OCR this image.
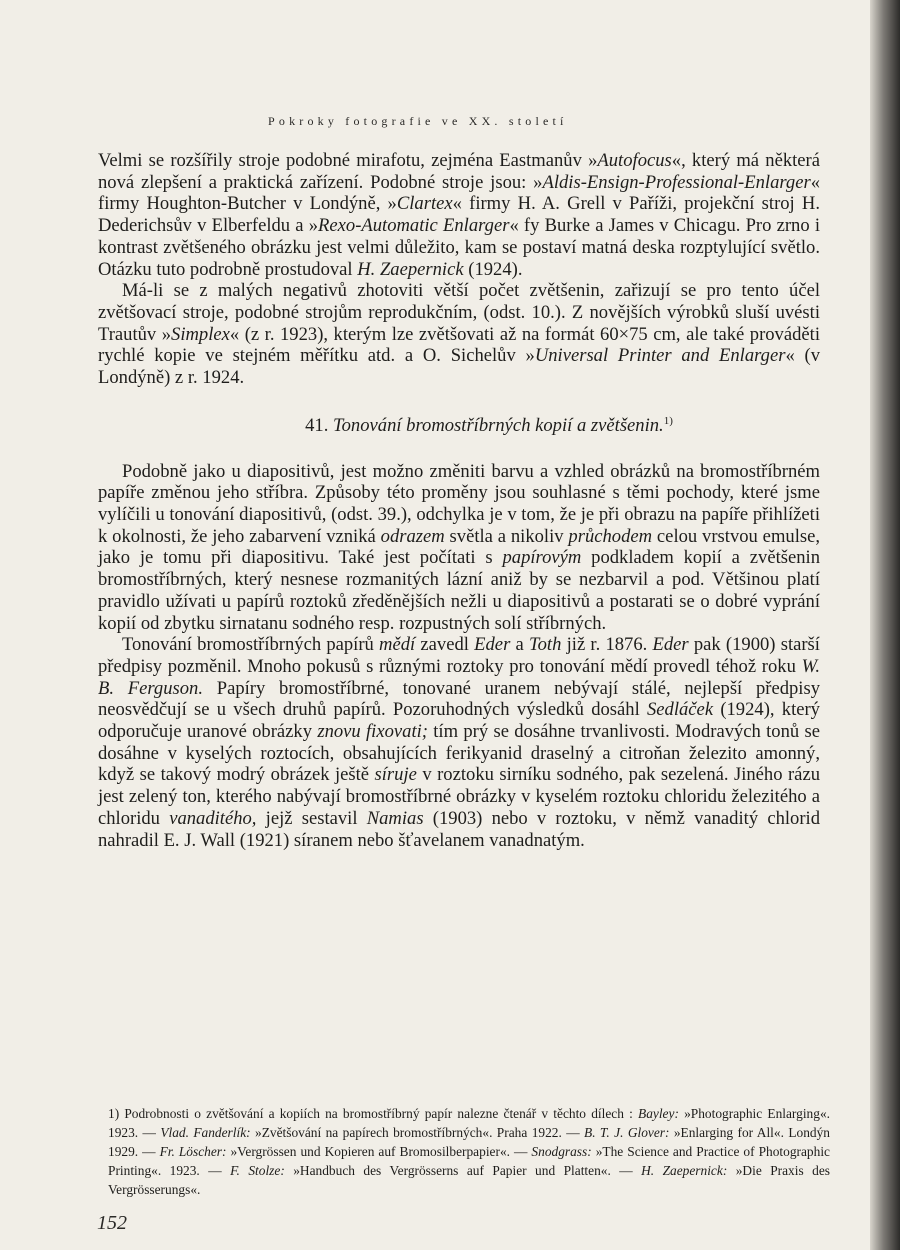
Pokroky fotografie ve XX. století

Velmi se rozšířily stroje podobné mirafotu, zejména Eastmanův »Autofocus«, který má některá nová zlepšení a praktická zařízení. Podobné stroje jsou: »Aldis-Ensign-Professional-Enlarger« firmy Houghton-Butcher v Londýně, »Clartex« firmy H. A. Grell v Paříži, projekční stroj H. Dederichsův v Elberfeldu a »Rexo-Automatic Enlarger« fy Burke a James v Chicagu. Pro zrno i kontrast zvětšeného obrázku jest velmi důležito, kam se postaví matná deska rozptylující světlo. Otázku tuto podrobně prostudoval H. Zaepernick (1924).

Má-li se z malých negativů zhotoviti větší počet zvětšenin, zařizují se pro tento účel zvětšovací stroje, podobné strojům reprodukčním, (odst. 10.). Z novějších výrobků sluší uvésti Trautův »Simplex« (z r. 1923), kterým lze zvětšovati až na formát 60×75 cm, ale také prováděti rychlé kopie ve stejném měřítku atd. a O. Sichelův »Universal Printer and Enlarger« (v Londýně) z r. 1924.

41. Tonování bromostříbrných kopií a zvětšenin.$^{1)}$

Podobně jako u diapositivů, jest možno změniti barvu a vzhled obrázků na bromostříbrném papíře změnou jeho stříbra. Způsoby této proměny jsou souhlasné s těmi pochody, které jsme vylíčili u tonování diapositivů, (odst. 39.), odchylka je v tom, že je při obrazu na papíře přihlížeti k okolnosti, že jeho zabarvení vzniká odrazem světla a nikoliv průchodem celou vrstvou emulse, jako je tomu při diapositivu. Také jest počítati s papírovým podkladem kopií a zvětšenin bromostříbrných, který nesnese rozmanitých lázní aniž by se nezbarvil a pod. Většinou platí pravidlo užívati u papírů roztoků zředěnějších nežli u diapositivů a postarati se o dobré vyprání kopií od zbytku sirnatanu sodného resp. rozpustných solí stříbrných.

Tonování bromostříbrných papírů mědí zavedl Eder a Toth již r. 1876. Eder pak (1900) starší předpisy pozměnil. Mnoho pokusů s různými roztoky pro tonování mědí provedl téhož roku W. B. Ferguson. Papíry bromostříbrné, tonované uranem nebývají stálé, nejlepší předpisy neosvědčují se u všech druhů papírů. Pozoruhodných výsledků dosáhl Sedláček (1924), který odporučuje uranové obrázky znovu fixovati; tím prý se dosáhne trvanlivosti. Modravých tonů se dosáhne v kyselých roztocích, obsahujících ferikyanid draselný a citroňan železito amonný, když se takový modrý obrázek ještě síruje v roztoku sirníku sodného, pak sezelená. Jiného rázu jest zelený ton, kterého nabývají bromostříbrné obrázky v kyselém roztoku chloridu železitého a chloridu vanaditého, jejž sestavil Namias (1903) nebo v roztoku, v němž vanaditý chlorid nahradil E. J. Wall (1921) síranem nebo šťavelanem vanadnatým.

1) Podrobnosti o zvětšování a kopiích na bromostříbrný papír nalezne čtenář v těchto dílech : Bayley: »Photographic Enlarging«. 1923. — Vlad. Fanderlík: »Zvětšování na papírech bromostříbrných«. Praha 1922. — B. T. J. Glover: »Enlarging for All«. Londýn 1929. — Fr. Löscher: »Vergrössen und Kopieren auf Bromosilberpapier«. — Snodgrass: »The Science and Practice of Photographic Printing«. 1923. — F. Stolze: »Handbuch des Vergrösserns auf Papier und Platten«. — H. Zaepernick: »Die Praxis des Vergrösserungs«.

152
